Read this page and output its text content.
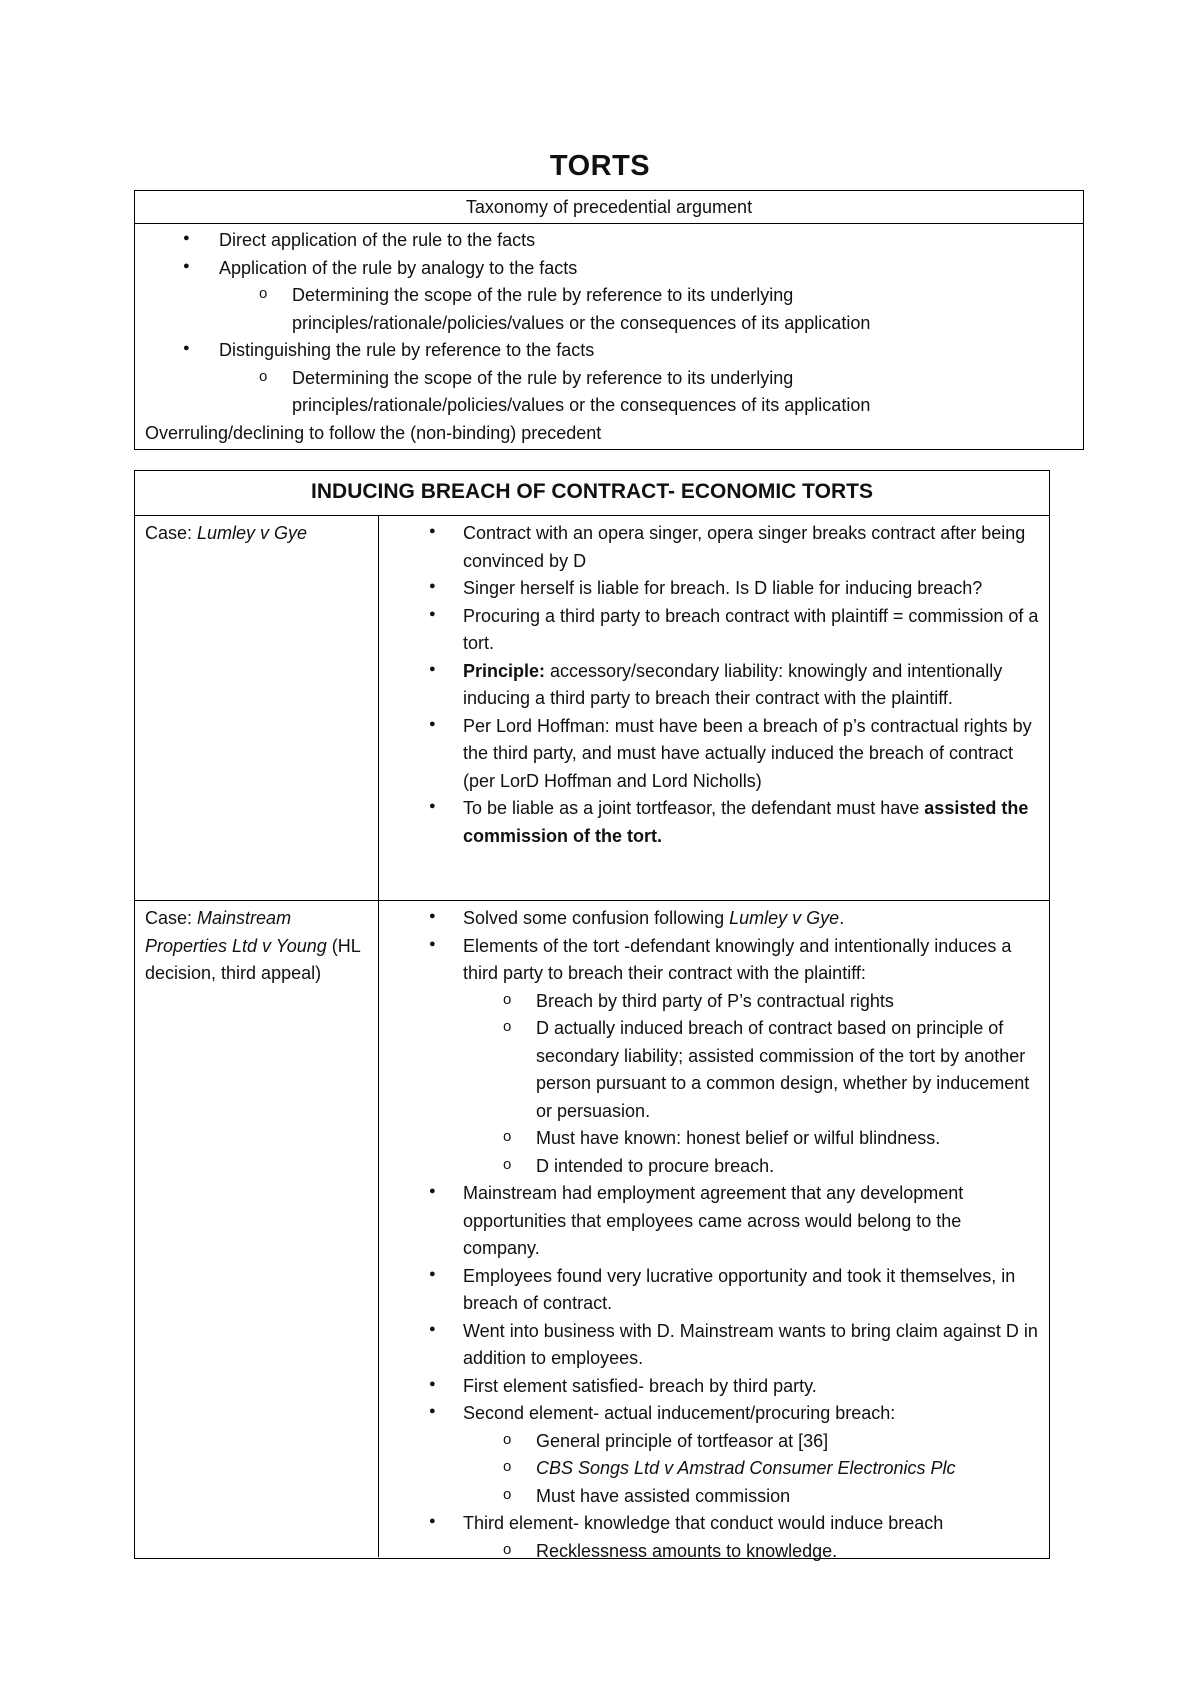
TORTS
Taxonomy of precedential argument
● Direct application of the rule to the facts
● Application of the rule by analogy to the facts
o Determining the scope of the rule by reference to its underlying
principles/rationale/policies/values or the consequences of its application
● Distinguishing the rule by reference to the facts
o Determining the scope of the rule by reference to its underlying
principles/rationale/policies/values or the consequences of its application
Overruling/declining to follow the (non-binding) precedent
INDUCING BREACH OF CONTRACT- ECONOMIC TORTS
Case: Lumley v Gye
●	Contract with an opera singer, opera singer breaks contract after being convinced by D
● Singer herself is liable for breach. Is D liable for inducing breach?
● Procuring a third party to breach contract with plaintiff = commission of a tort.
● Principle: accessory/secondary liability: knowingly and intentionally inducing a third party to breach their contract with the plaintiff.
● Per Lord Hoffman: must have been a breach of p’s contractual rights by the third party, and must have actually induced the breach of contract (per LorD Hoffman and Lord Nicholls)
● To be liable as a joint tortfeasor, the defendant must have assisted the commission of the tort.
Case: Mainstream Properties Ltd v Young (HL decision, third appeal)
● Solved some confusion following Lumley v Gye.
● Elements of the tort -defendant knowingly and intentionally induces a third party to breach their contract with the plaintiff:
o Breach by third party of P’s contractual rights
o D actually induced breach of contract based on principle of secondary liability; assisted commission of the tort by another person pursuant to a common design, whether by inducement or persuasion.
o Must have known: honest belief or wilful blindness.
o D intended to procure breach.
● Mainstream had employment agreement that any development opportunities that employees came across would belong to the company.
● Employees found very lucrative opportunity and took it themselves, in breach of contract.
● Went into business with D. Mainstream wants to bring claim against D in addition to employees.
● First element satisfied- breach by third party.
● Second element- actual inducement/procuring breach:
o General principle of tortfeasor at [36]
o CBS Songs Ltd v Amstrad Consumer Electronics Plc
o Must have assisted commission
● Third element- knowledge that conduct would induce breach
o Recklessness amounts to knowledge.
